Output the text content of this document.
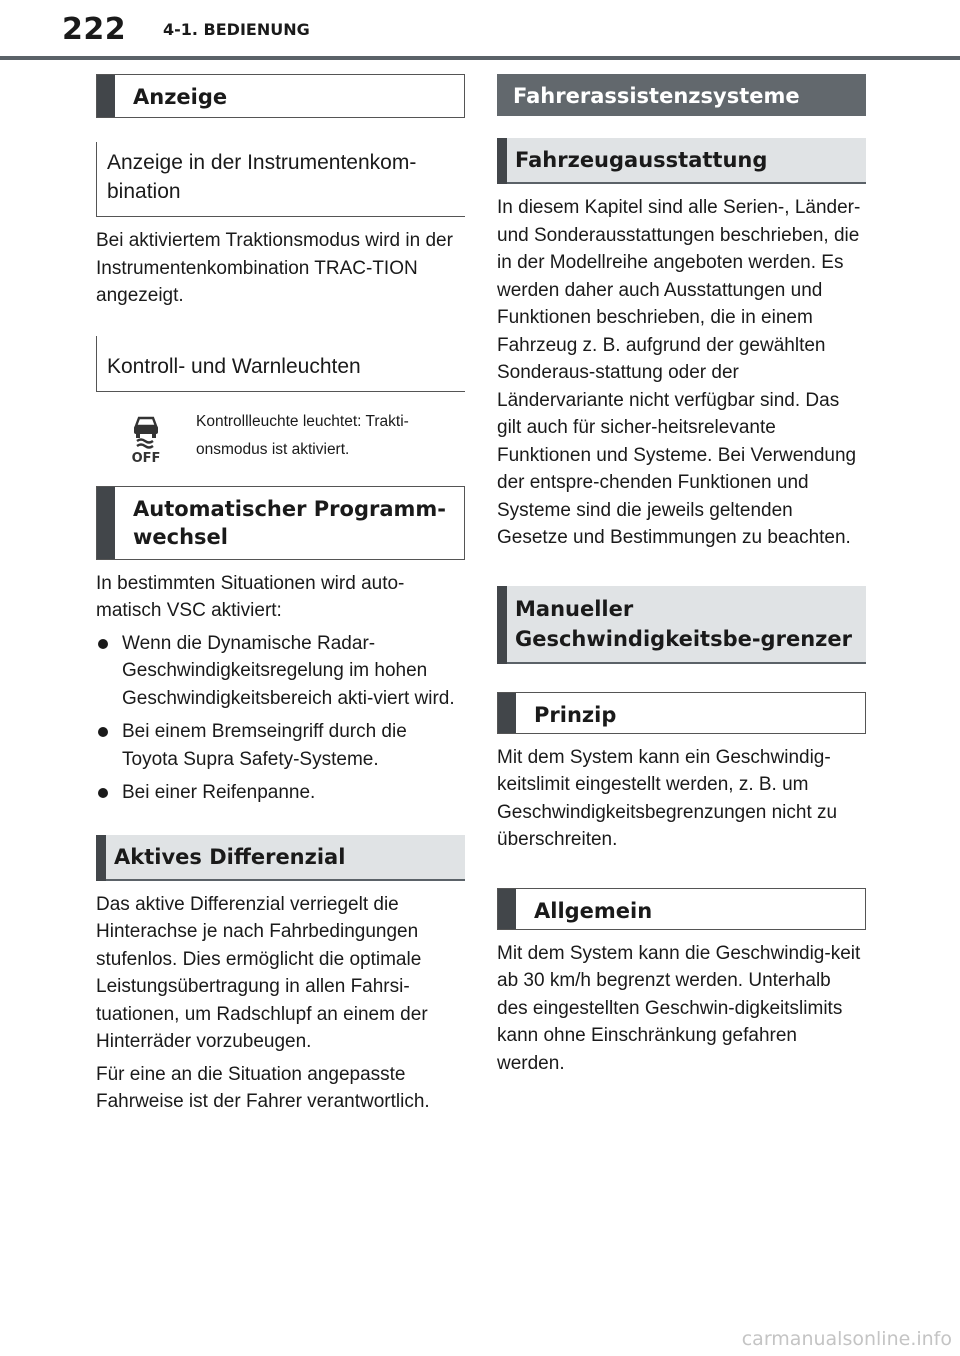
222 4-1. BEDIENUNG
Anzeige
Anzeige in der Instrumentenkom-bination

Bei aktiviertem Traktionsmodus wird in der Instrumentenkombination TRAC-TION angezeigt.

Kontroll- und Warnleuchten
OFF
Kontrollleuchte leuchtet: Trakti-onsmodus ist aktiviert.
Automatischer Programm-wechsel

In bestimmten Situationen wird auto-matisch VSC aktiviert:

Wenn die Dynamische Radar-Geschwindigkeitsregelung im hohen Geschwindigkeitsbereich akti-viert wird.
Bei einem Bremseingriff durch die Toyota Supra Safety-Systeme.
Bei einer Reifenpanne.
Aktives Differenzial

Das aktive Differenzial verriegelt die Hinterachse je nach Fahrbedingungen stufenlos. Dies ermöglicht die optimale Leistungsübertragung in allen Fahrsi-tuationen, um Radschlupf an einem der Hinterräder vorzubeugen.

Für eine an die Situation angepasste Fahrweise ist der Fahrer verantwortlich.

Fahrerassistenzsysteme
Fahrzeugausstattung

In diesem Kapitel sind alle Serien-, Länder- und Sonderausstattungen beschrieben, die in der Modellreihe angeboten werden. Es werden daher auch Ausstattungen und Funktionen beschrieben, die in einem Fahrzeug z. B. aufgrund der gewählten Sonderaus-stattung oder der Ländervariante nicht verfügbar sind. Das gilt auch für sicher-heitsrelevante Funktionen und Systeme. Bei Verwendung der entspre-chenden Funktionen und Systeme sind die jeweils geltenden Gesetze und Bestimmungen zu beachten.

Manueller Geschwindigkeitsbe-grenzer
Prinzip

Mit dem System kann ein Geschwindig-keitslimit eingestellt werden, z. B. um Geschwindigkeitsbegrenzungen nicht zu überschreiten.

Allgemein

Mit dem System kann die Geschwindig-keit ab 30 km/h begrenzt werden. Unterhalb des eingestellten Geschwin-digkeitslimits kann ohne Einschränkung gefahren werden.

carmanualsonline.info
